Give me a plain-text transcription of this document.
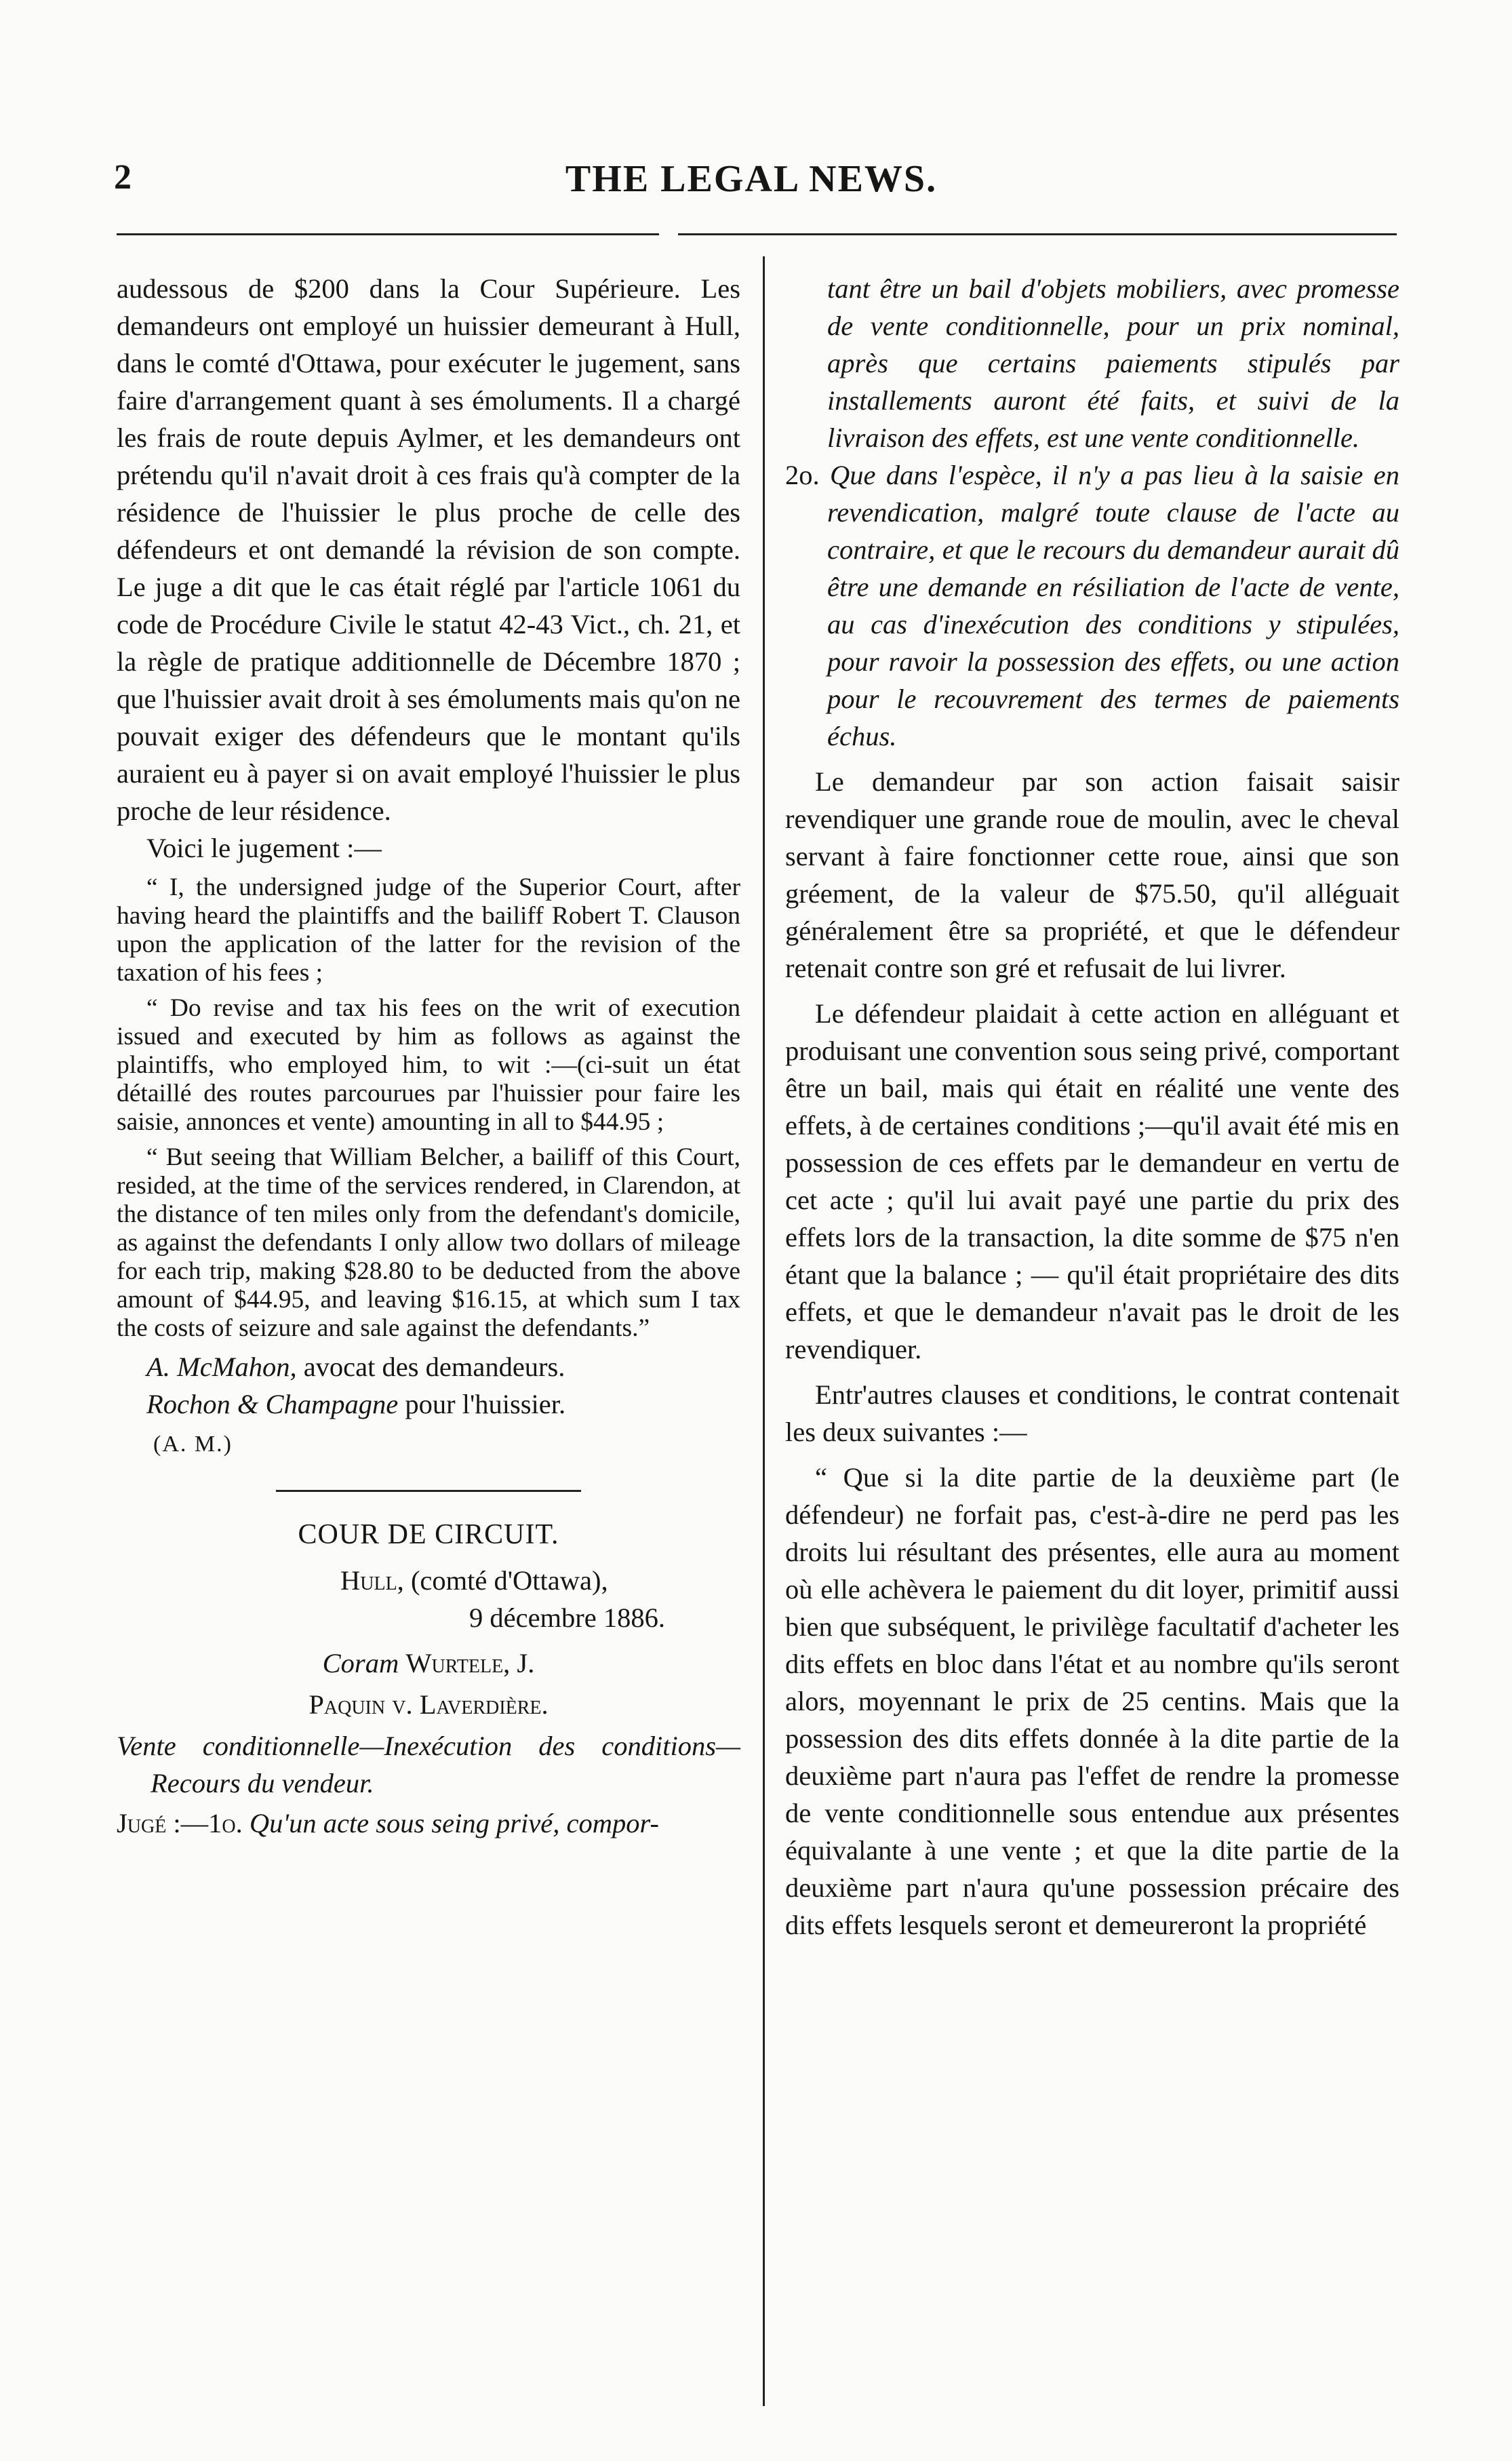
2	THE LEGAL NEWS.

audessous de $200 dans la Cour Supérieure. Les demandeurs ont employé un huissier demeurant à Hull, dans le comté d'Ottawa, pour exécuter le jugement, sans faire d'arrangement quant à ses émoluments. Il a chargé les frais de route depuis Aylmer, et les demandeurs ont prétendu qu'il n'avait droit à ces frais qu'à compter de la résidence de l'huissier le plus proche de celle des défendeurs et ont demandé la révision de son compte. Le juge a dit que le cas était réglé par l'article 1061 du code de Procédure Civile le statut 42-43 Vict., ch. 21, et la règle de pratique additionnelle de Décembre 1870 ; que l'huissier avait droit à ses émoluments mais qu'on ne pouvait exiger des défendeurs que le montant qu'ils auraient eu à payer si on avait employé l'huissier le plus proche de leur résidence.

Voici le jugement :—

“ I, the undersigned judge of the Superior Court, after having heard the plaintiffs and the bailiff Robert T. Clauson upon the application of the latter for the revision of the taxation of his fees ;

“ Do revise and tax his fees on the writ of execution issued and executed by him as follows as against the plaintiffs, who employed him, to wit :—(ci-suit un état détaillé des routes parcourues par l'huissier pour faire les saisie, annonces et vente) amounting in all to $44.95 ;

“ But seeing that William Belcher, a bailiff of this Court, resided, at the time of the services rendered, in Clarendon, at the distance of ten miles only from the defendant's domicile, as against the defendants I only allow two dollars of mileage for each trip, making $28.80 to be deducted from the above amount of $44.95, and leaving $16.15, at which sum I tax the costs of seizure and sale against the defendants.”

A. McMahon, avocat des demandeurs.

Rochon & Champagne pour l'huissier.

(A. M.)

COUR DE CIRCUIT.

Hull, (comté d'Ottawa),

9 décembre 1886.

Coram Wurtele, J.

Paquin v. Laverdière.

Vente conditionnelle—Inexécution des conditions—Recours du vendeur.

Jugé :—1o. Qu'un acte sous seing privé, compor-

tant être un bail d'objets mobiliers, avec promesse de vente conditionnelle, pour un prix nominal, après que certains paiements stipulés par installements auront été faits, et suivi de la livraison des effets, est une vente conditionnelle.

2o. Que dans l'espèce, il n'y a pas lieu à la saisie en revendication, malgré toute clause de l'acte au contraire, et que le recours du demandeur aurait dû être une demande en résiliation de l'acte de vente, au cas d'inexécution des conditions y stipulées, pour ravoir la possession des effets, ou une action pour le recouvrement des termes de paiements échus.

Le demandeur par son action faisait saisir revendiquer une grande roue de moulin, avec le cheval servant à faire fonctionner cette roue, ainsi que son gréement, de la valeur de $75.50, qu'il alléguait généralement être sa propriété, et que le défendeur retenait contre son gré et refusait de lui livrer.

Le défendeur plaidait à cette action en alléguant et produisant une convention sous seing privé, comportant être un bail, mais qui était en réalité une vente des effets, à de certaines conditions ;—qu'il avait été mis en possession de ces effets par le demandeur en vertu de cet acte ; qu'il lui avait payé une partie du prix des effets lors de la transaction, la dite somme de $75 n'en étant que la balance ; — qu'il était propriétaire des dits effets, et que le demandeur n'avait pas le droit de les revendiquer.

Entr'autres clauses et conditions, le contrat contenait les deux suivantes :—

“ Que si la dite partie de la deuxième part (le défendeur) ne forfait pas, c'est-à-dire ne perd pas les droits lui résultant des présentes, elle aura au moment où elle achèvera le paiement du dit loyer, primitif aussi bien que subséquent, le privilège facultatif d'acheter les dits effets en bloc dans l'état et au nombre qu'ils seront alors, moyennant le prix de 25 centins. Mais que la possession des dits effets donnée à la dite partie de la deuxième part n'aura pas l'effet de rendre la promesse de vente conditionnelle sous entendue aux présentes équivalante à une vente ; et que la dite partie de la deuxième part n'aura qu'une possession précaire des dits effets lesquels seront et demeureront la propriété
